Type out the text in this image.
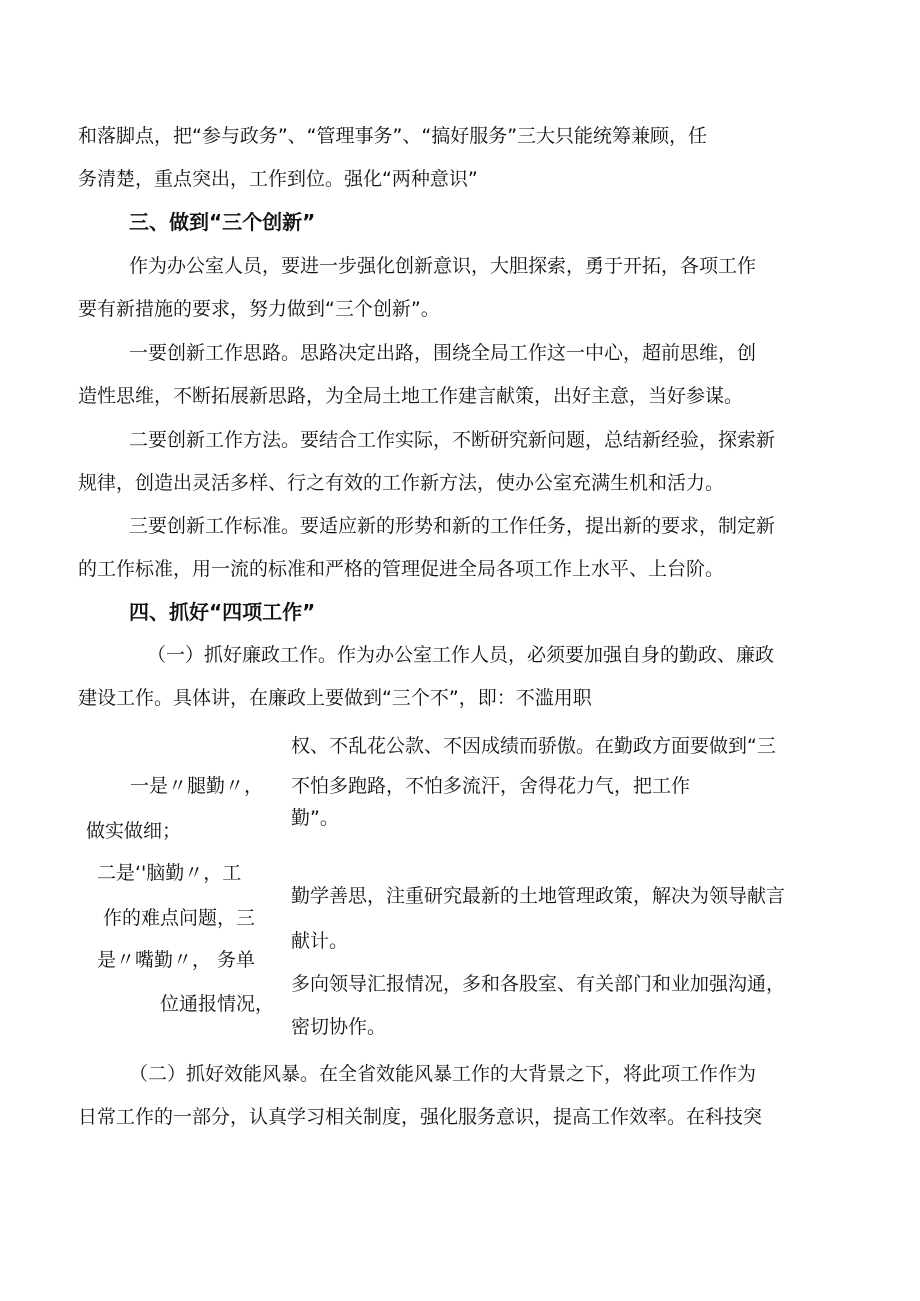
和落脚点，把“参与政务”、“管理事务”、“搞好服务”三大只能统筹兼顾，任
务清楚，重点突出，工作到位。强化“两种意识”
三、做到“三个创新”
作为办公室人员，要进一步强化创新意识，大胆探索，勇于开拓，各项工作
要有新措施的要求，努力做到“三个创新”。
一要创新工作思路。思路决定出路，围绕全局工作这一中心，超前思维，创
造性思维，不断拓展新思路，为全局土地工作建言献策，出好主意，当好参谋。
二要创新工作方法。要结合工作实际，不断研究新问题，总结新经验，探索新
规律，创造出灵活多样、行之有效的工作新方法，使办公室充满生机和活力。
三要创新工作标准。要适应新的形势和新的工作任务，提出新的要求，制定新
的工作标准，用一流的标准和严格的管理促进全局各项工作上水平、上台阶。
四、抓好“四项工作”
（一）抓好廉政工作。作为办公室工作人员，必须要加强自身的勤政、廉政
建设工作。具体讲，在廉政上要做到“三个不”，即：不滥用职
权、不乱花公款、不因成绩而骄傲。在勤政方面要做到“三
一是〃腿勤〃， 不怕多跑路，不怕多流汗，舍得花力气，把工作
勤”。
做实做细；
二是‘'脑勤〃，工
勤学善思，注重研究最新的土地管理政策，解决为领导献言
作的难点问题，三
献计。
是〃嘴勤〃， 务单
多向领导汇报情况，多和各股室、有关部门和业加强沟通，
位通报情况，
密切协作。
（二）抓好效能风暴。在全省效能风暴工作的大背景之下，将此项工作作为
日常工作的一部分，认真学习相关制度，强化服务意识，提高工作效率。在科技突
